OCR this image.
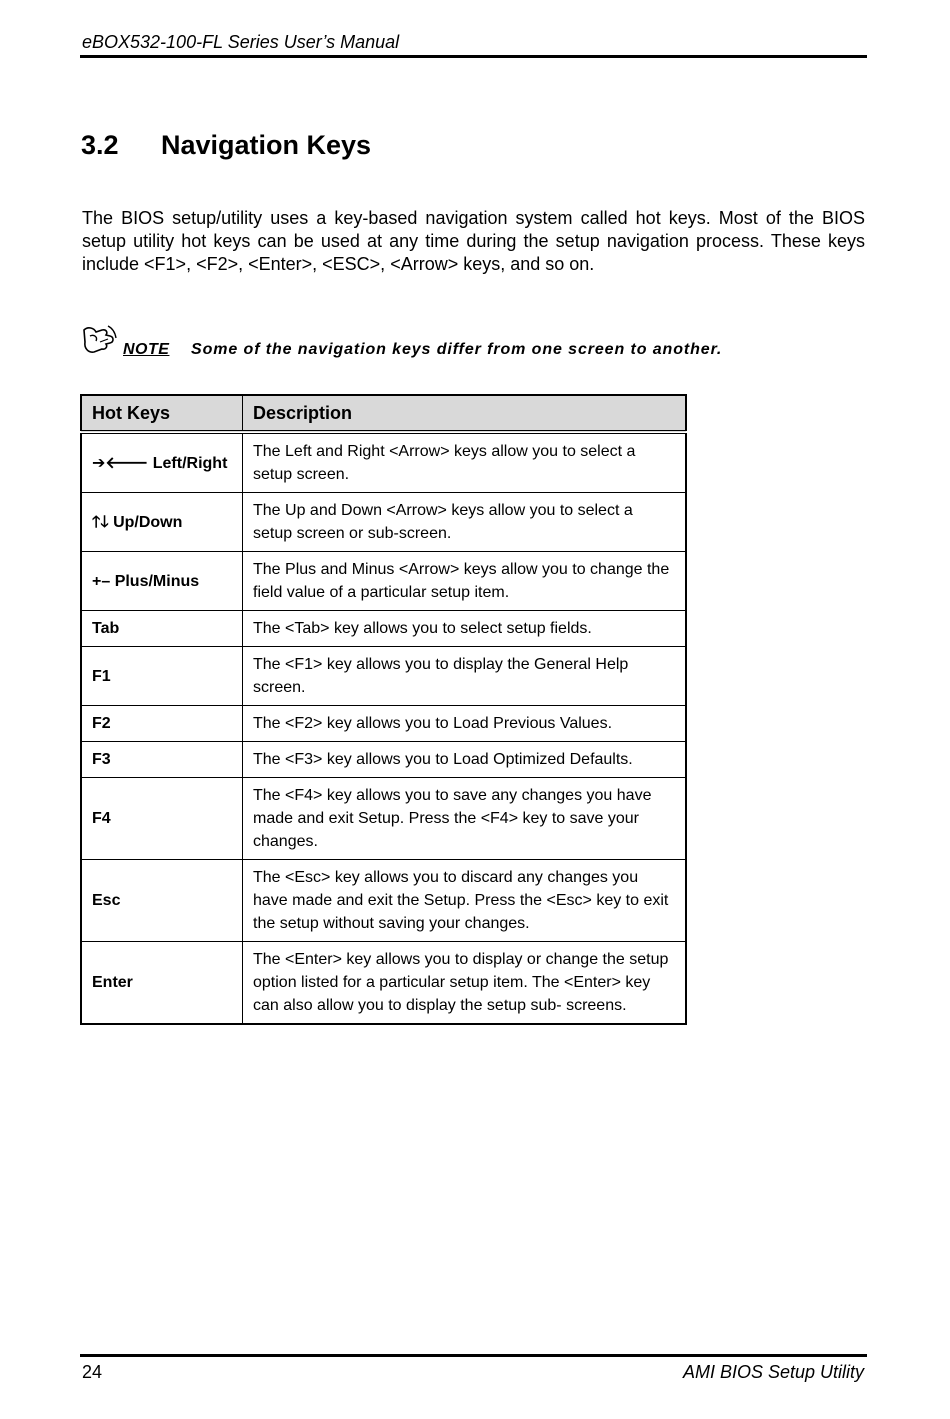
eBOX532-100-FL Series User’s Manual
3.2 Navigation Keys

The BIOS setup/utility uses a key-based navigation system called hot keys. Most of the BIOS setup utility hot keys can be used at any time during the setup navigation process. These keys include <F1>, <F2>, <Enter>, <ESC>, <Arrow> keys, and so on.

NOTE Some of the navigation keys differ from one screen to another.
Hot Keys	Description
➔🡐 Left/Right	The Left and Right <Arrow> keys allow you to select a setup screen.
🡑🡓 Up/Down	The Up and Down <Arrow> keys allow you to select a setup screen or sub-screen.
+– Plus/Minus	The Plus and Minus <Arrow> keys allow you to change the field value of a particular setup item.
Tab	The <Tab> key allows you to select setup fields.
F1	The <F1> key allows you to display the General Help screen.
F2	The <F2> key allows you to Load Previous Values.
F3	The <F3> key allows you to Load Optimized Defaults.
F4	The <F4> key allows you to save any changes you have made and exit Setup. Press the <F4> key to save your changes.
Esc	The <Esc> key allows you to discard any changes you have made and exit the Setup. Press the <Esc> key to exit the setup without saving your changes.
Enter	The <Enter> key allows you to display or change the setup option listed for a particular setup item. The <Enter> key can also allow you to display the setup sub- screens.
24	AMI BIOS Setup Utility
